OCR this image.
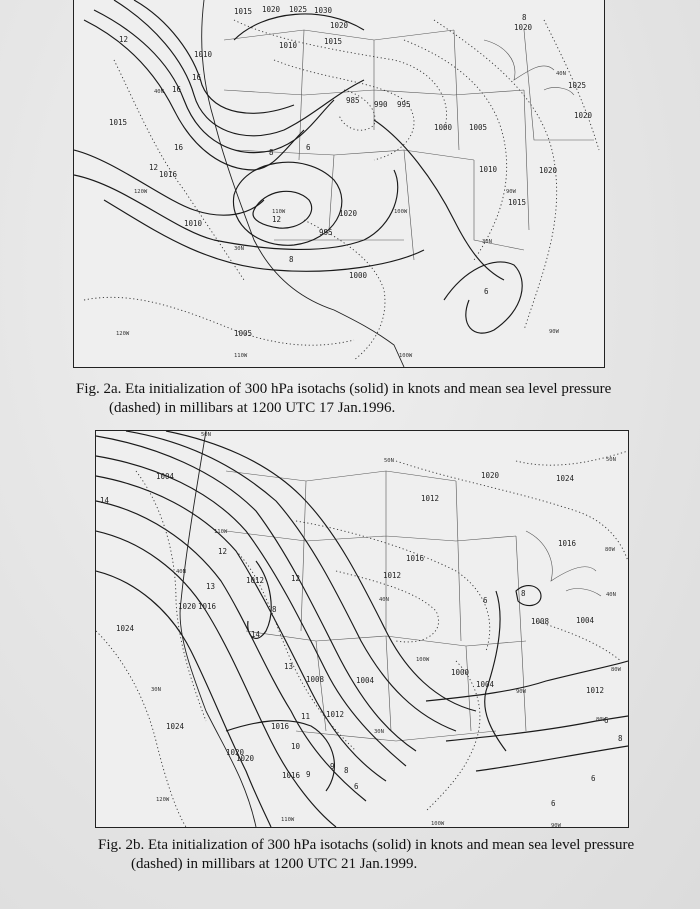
1015 1020 1025 1030
1010	1015
1020
1010
1016
1015
1020
1025
1020
985 990 995
1000 1005
1010	1020
1015
1020
995
1000
1005
1010
16
16
12
12
8
8
8
6
6
12
16
40N
120W
110W
90W
30N
30N
40N
120W
110W	100W
90W
100W
Fig. 2a. Eta initialization of 300 hPa isotachs (solid) in knots and mean sea level pressure
(dashed) in millibars at 1200 UTC 17 Jan.1996.
1004
1012
1020	1024
1020 1016
1012
1024
1020
1016
1008
1012
1004
1012
1016
1016
1008
1004
1000
1004
1012
1016
1020
1024
14
12
13
13
14
12
11
10
9	8
8
6
6
8
9
6
6
6
8
50N
50N	50N
40N
40N
40N
30N
30N
120W
110W
100W	90W
80W
80W
110W
100W
90W
80W
Fig. 2b. Eta initialization of 300 hPa isotachs (solid) in knots and mean sea level pressure
(dashed) in millibars at 1200 UTC 21 Jan.1999.
